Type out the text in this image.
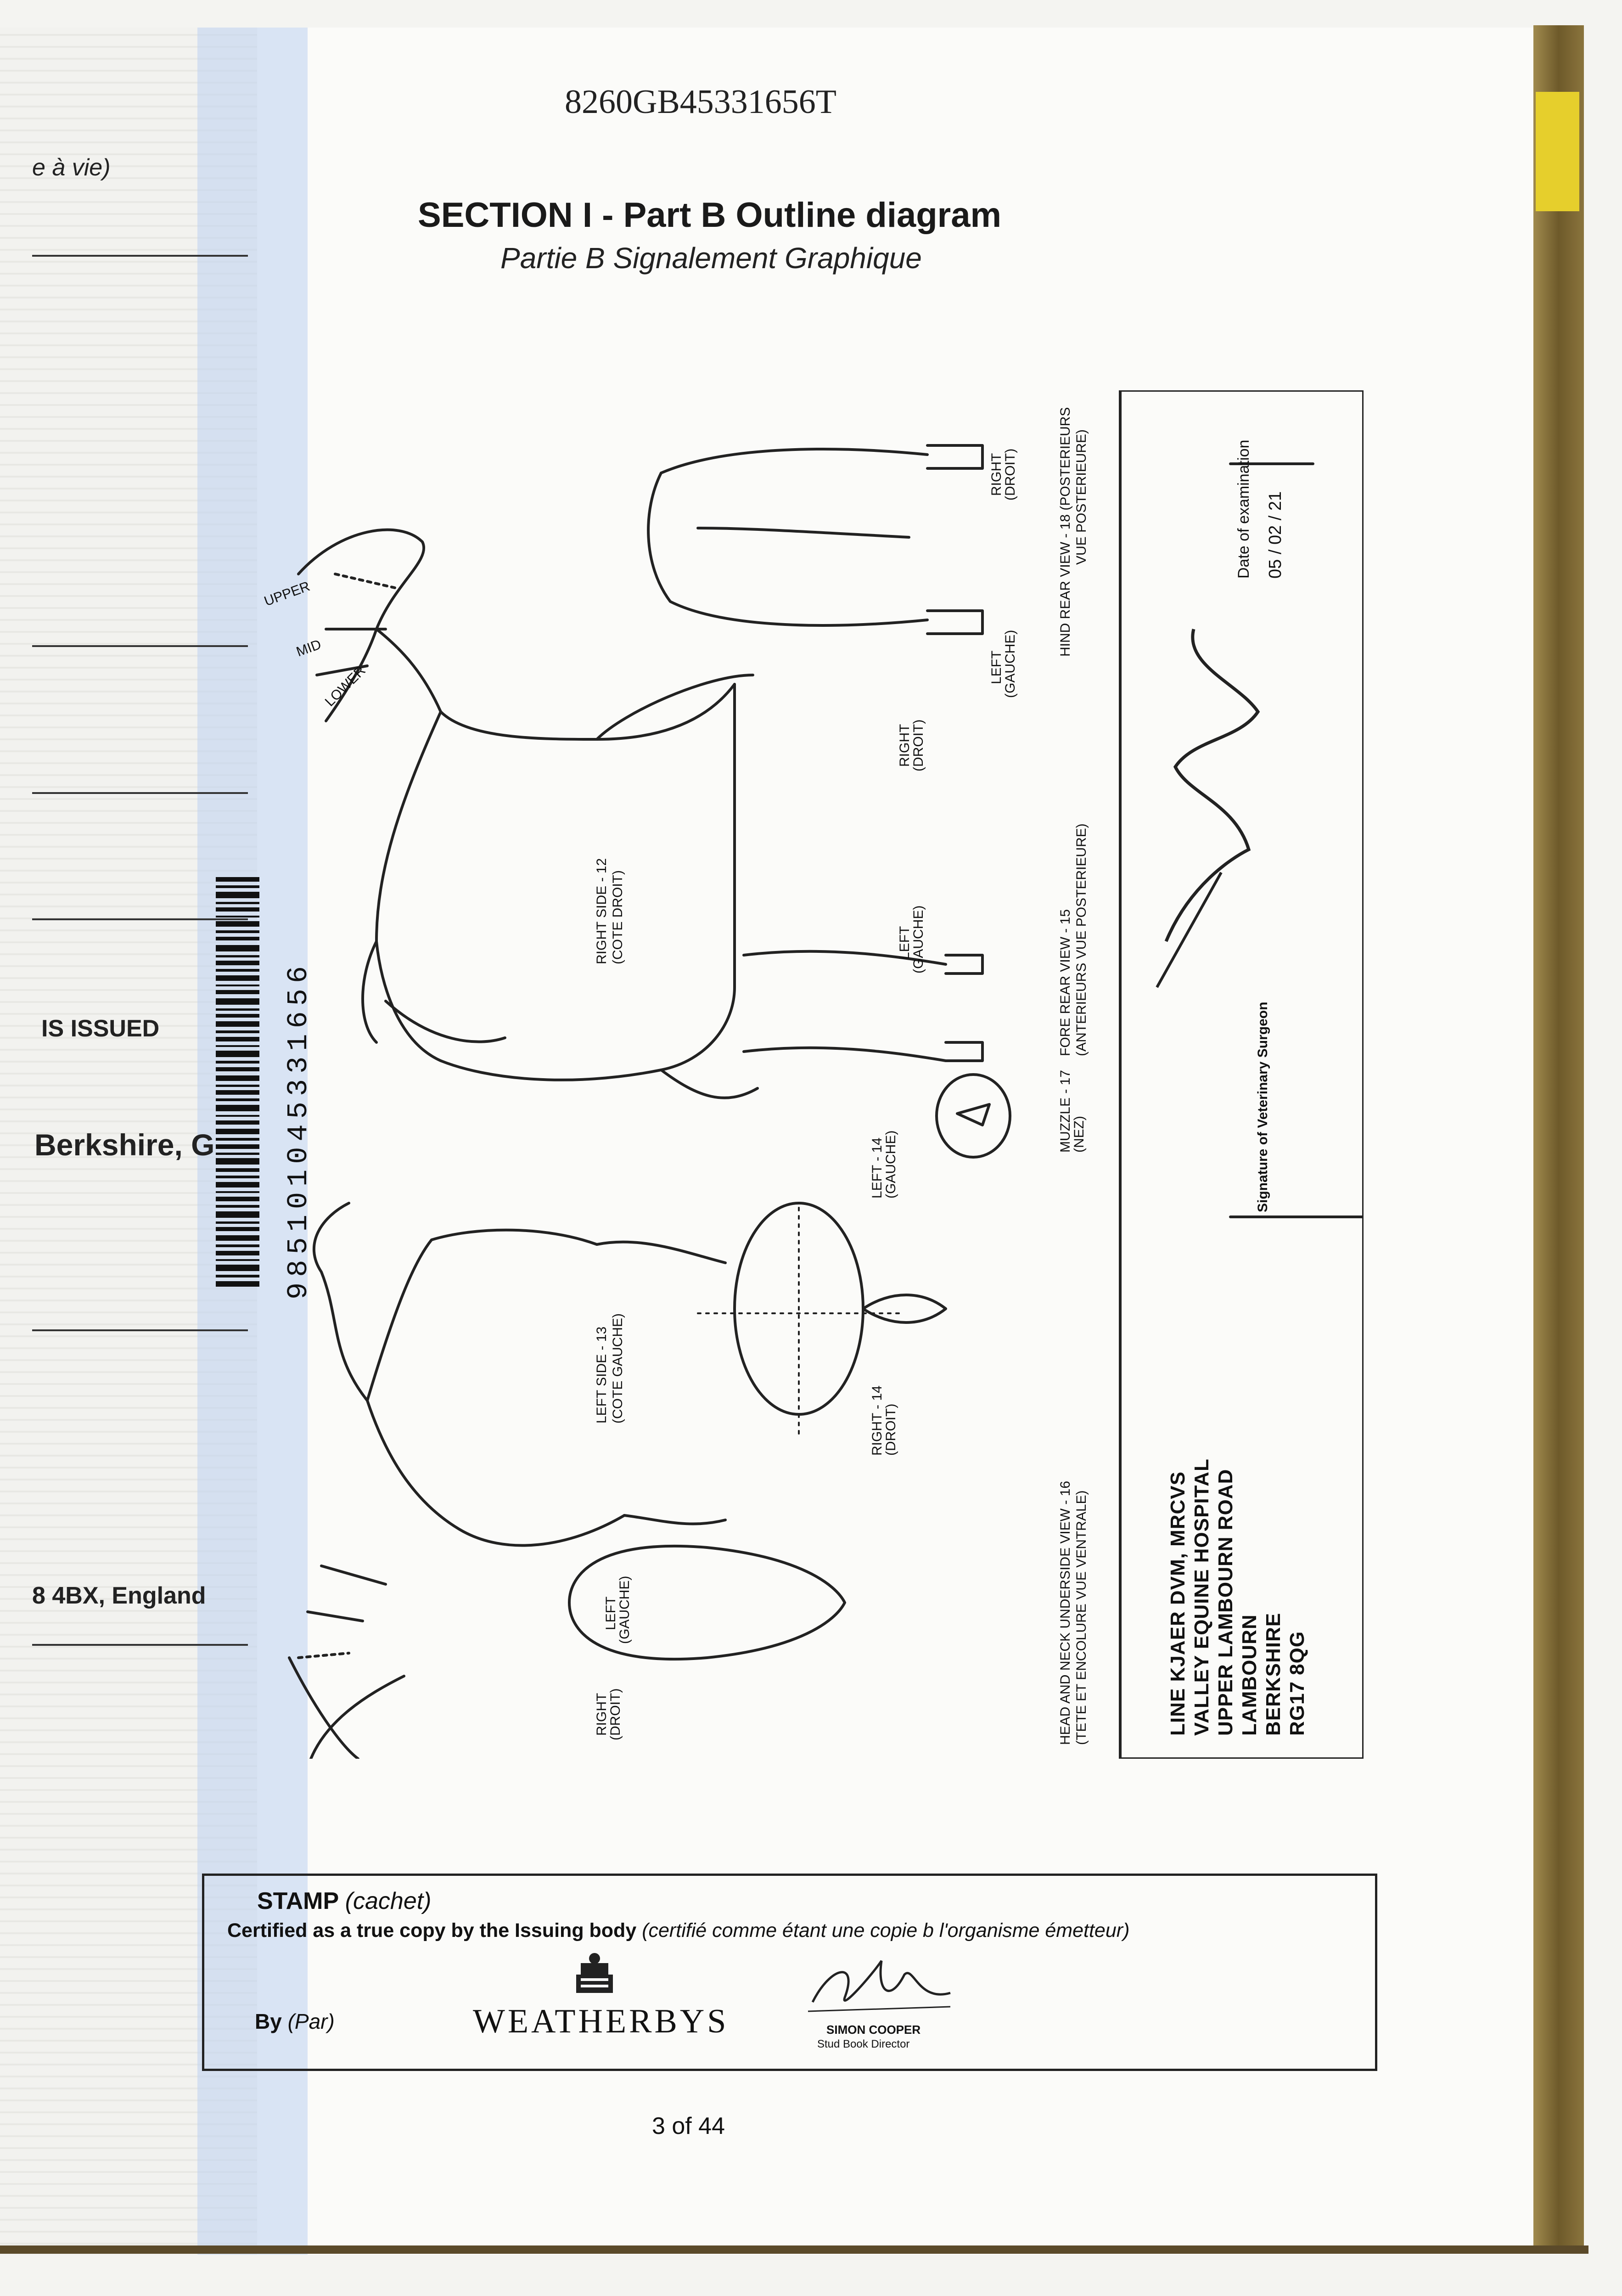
e à vie)
IS ISSUED
Berkshire, G
8 4BX, England
985101045331656
8260GB45331656T
SECTION I - Part B Outline diagram
Partie B Signalement Graphique
UPPER
MID
LOWER
RIGHT SIDE - 12 (COTE DROIT)
LEFT SIDE - 13 (COTE GAUCHE)
LEFT - 14
(GAUCHE)
RIGHT - 14
(DROIT)
MUZZLE - 17
(NEZ)
FORE REAR VIEW - 15 (ANTERIEURS VUE POSTERIEURE)
HIND REAR VIEW - 18 (POSTERIEURS VUE POSTERIEURE)
HEAD AND NECK UNDERSIDE VIEW - 16 (TETE ET ENCOLURE VUE VENTRALE)
LEFT
(GAUCHE)
RIGHT
(DROIT)
RIGHT
(DROIT)
LEFT
(GAUCHE)
RIGHT
(DROIT)
LEFT
(GAUCHE)
Date of examination 05 / 02 / 21
Signature of Veterinary Surgeon
LINE KJAER DVM, MRCVS VALLEY EQUINE HOSPITAL UPPER LAMBOURN ROAD LAMBOURN BERKSHIRE RG17 8QG
STAMP (cachet)
Certified as a true copy by the Issuing body (certifié comme étant une copie b l'organisme émetteur)
By (Par)	WEATHERBYS	SIMON COOPER
Stud Book Director
3 of 44
